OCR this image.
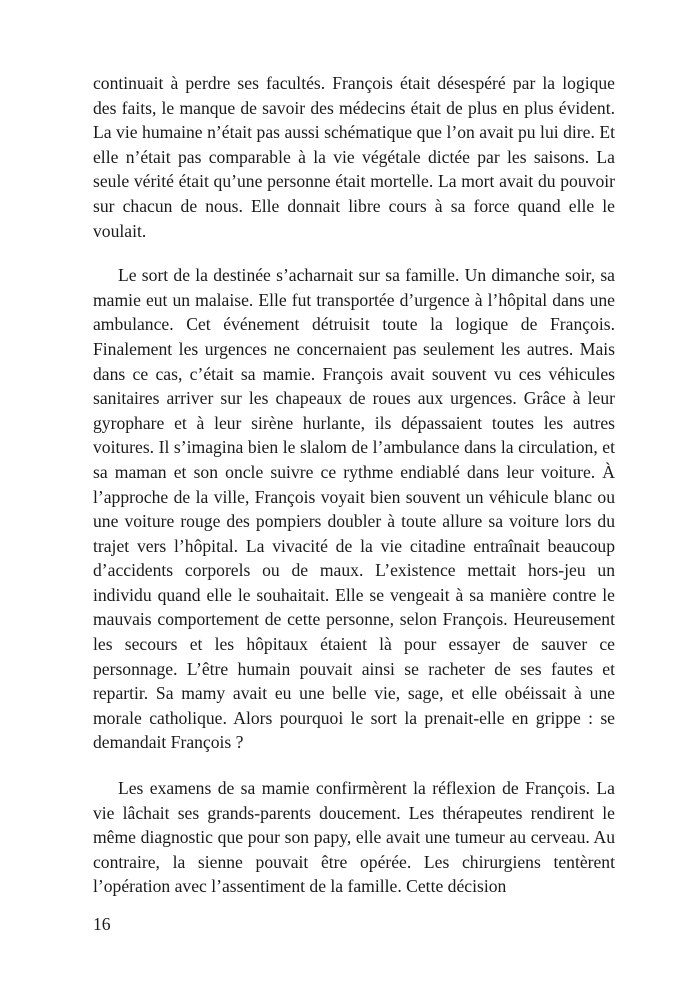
continuait à perdre ses facultés. François était désespéré par la logique des faits, le manque de savoir des médecins était de plus en plus évident. La vie humaine n’était pas aussi schématique que l’on avait pu lui dire. Et elle n’était pas comparable à la vie végétale dictée par les saisons. La seule vérité était qu’une personne était mortelle. La mort avait du pouvoir sur chacun de nous. Elle donnait libre cours à sa force quand elle le voulait.

Le sort de la destinée s’acharnait sur sa famille. Un dimanche soir, sa mamie eut un malaise. Elle fut transportée d’urgence à l’hôpital dans une ambulance. Cet événement détruisit toute la logique de François. Finalement les urgences ne concernaient pas seulement les autres. Mais dans ce cas, c’était sa mamie. François avait souvent vu ces véhicules sanitaires arriver sur les chapeaux de roues aux urgences. Grâce à leur gyrophare et à leur sirène hurlante, ils dépassaient toutes les autres voitures. Il s’imagina bien le slalom de l’ambulance dans la circulation, et sa maman et son oncle suivre ce rythme endiablé dans leur voiture. À l’approche de la ville, François voyait bien souvent un véhicule blanc ou une voiture rouge des pompiers doubler à toute allure sa voiture lors du trajet vers l’hôpital. La vivacité de la vie citadine entraînait beaucoup d’accidents corporels ou de maux. L’existence mettait hors-jeu un individu quand elle le souhaitait. Elle se vengeait à sa manière contre le mauvais comportement de cette personne, selon François. Heureusement les secours et les hôpitaux étaient là pour essayer de sauver ce personnage. L’être humain pouvait ainsi se racheter de ses fautes et repartir. Sa mamy avait eu une belle vie, sage, et elle obéissait à une morale catholique. Alors pourquoi le sort la prenait-elle en grippe : se demandait François ?

Les examens de sa mamie confirmèrent la réflexion de François. La vie lâchait ses grands-parents doucement. Les thérapeutes rendirent le même diagnostic que pour son papy, elle avait une tumeur au cerveau. Au contraire, la sienne pouvait être opérée. Les chirurgiens tentèrent l’opération avec l’assentiment de la famille. Cette décision

16
